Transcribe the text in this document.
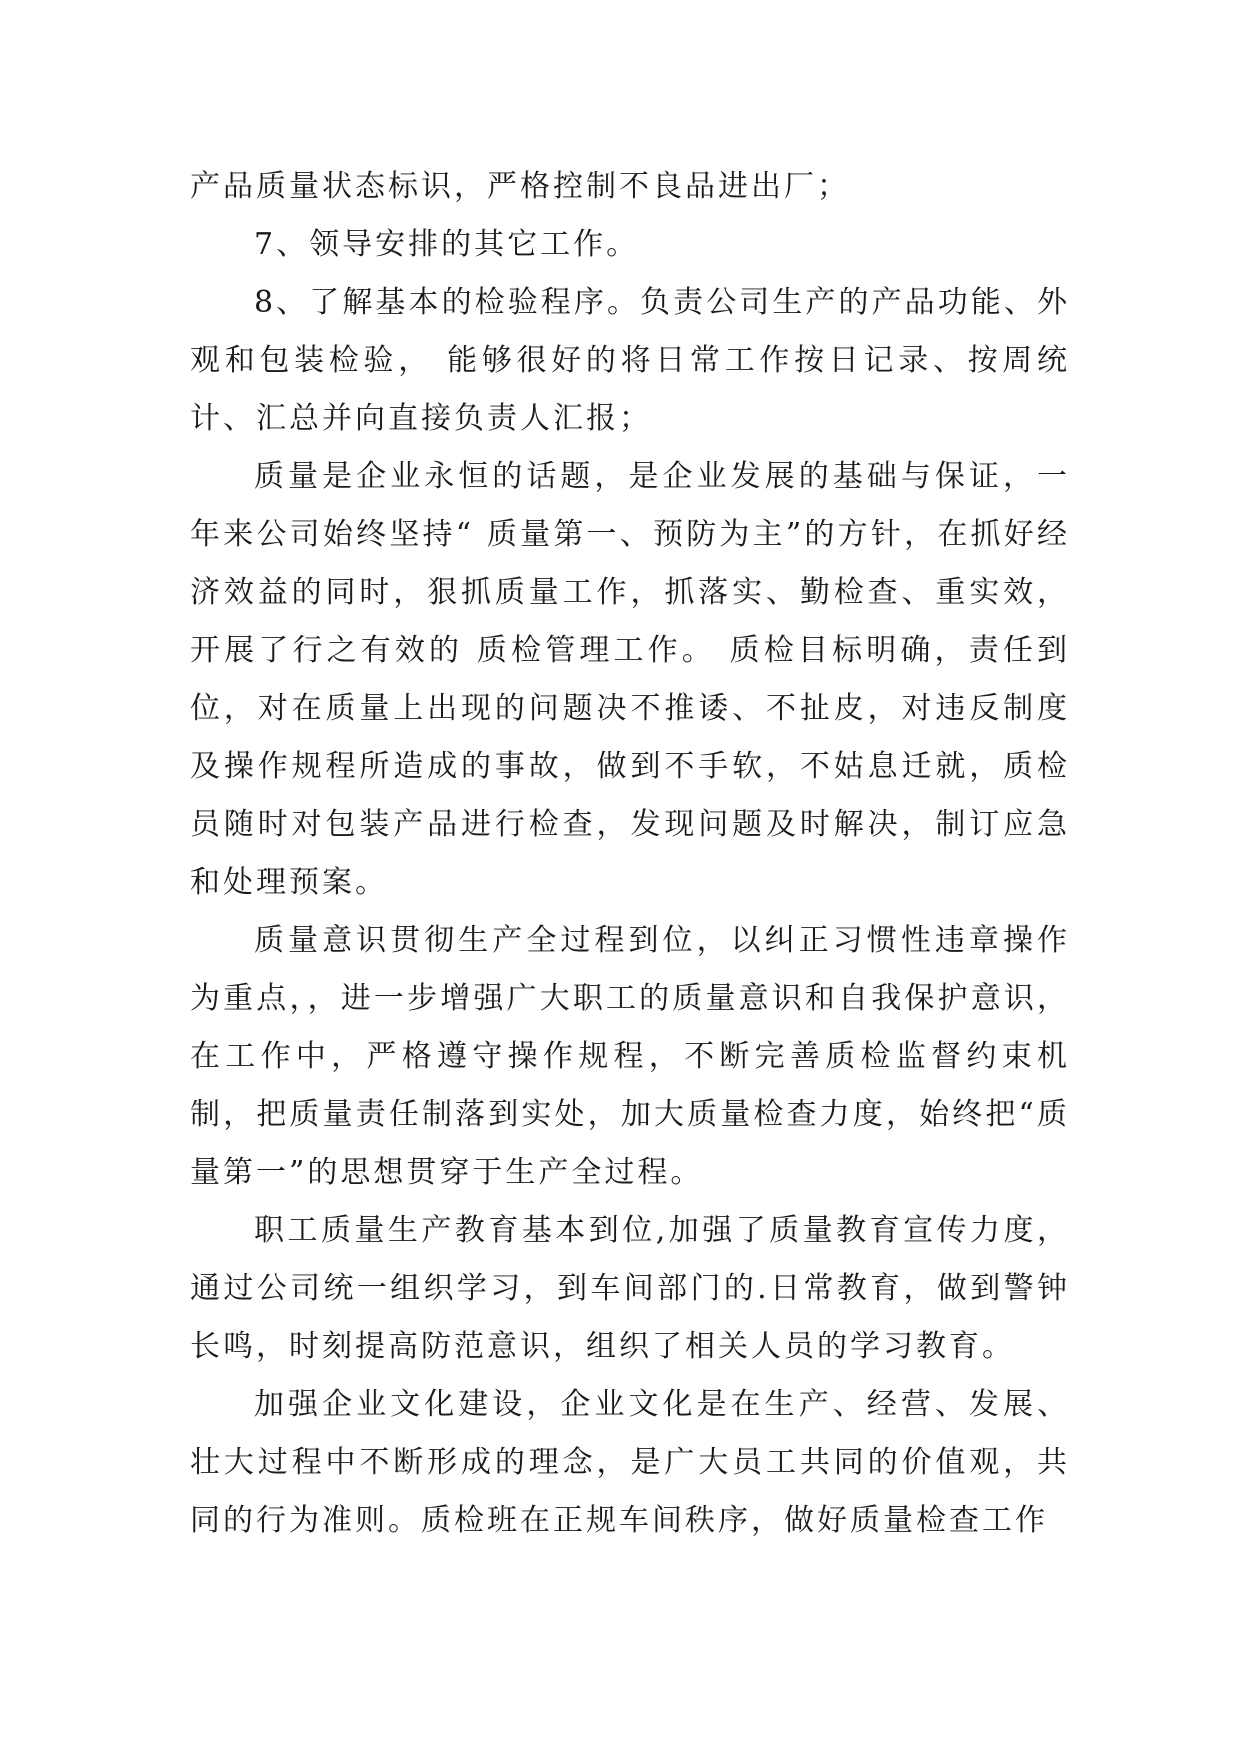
产品质量状态标识，严格控制不良品进出厂；

7、领导安排的其它工作。

8、了解基本的检验程序。负责公司生产的产品功能、外观和包装检验， 能够很好的将日常工作按日记录、按周统计、汇总并向直接负责人汇报；

质量是企业永恒的话题，是企业发展的基础与保证，一年来公司始终坚持“ 质量第一、预防为主”的方针，在抓好经济效益的同时，狠抓质量工作，抓落实、勤检查、重实效，开展了行之有效的 质检管理工作。 质检目标明确，责任到位，对在质量上出现的问题决不推诿、不扯皮，对违反制度及操作规程所造成的事故，做到不手软，不姑息迁就，质检员随时对包装产品进行检查，发现问题及时解决，制订应急和处理预案。

质量意识贯彻生产全过程到位，以纠正习惯性违章操作为重点，，进一步增强广大职工的质量意识和自我保护意识，在工作中，严格遵守操作规程，不断完善质检监督约束机制，把质量责任制落到实处，加大质量检查力度，始终把“质量第一”的思想贯穿于生产全过程。

职工质量生产教育基本到位,加强了质量教育宣传力度，通过公司统一组织学习，到车间部门的.日常教育，做到警钟长鸣，时刻提高防范意识，组织了相关人员的学习教育。

加强企业文化建设，企业文化是在生产、经营、发展、壮大过程中不断形成的理念，是广大员工共同的价值观，共同的行为准则。质检班在正规车间秩序，做好质量检查工作
